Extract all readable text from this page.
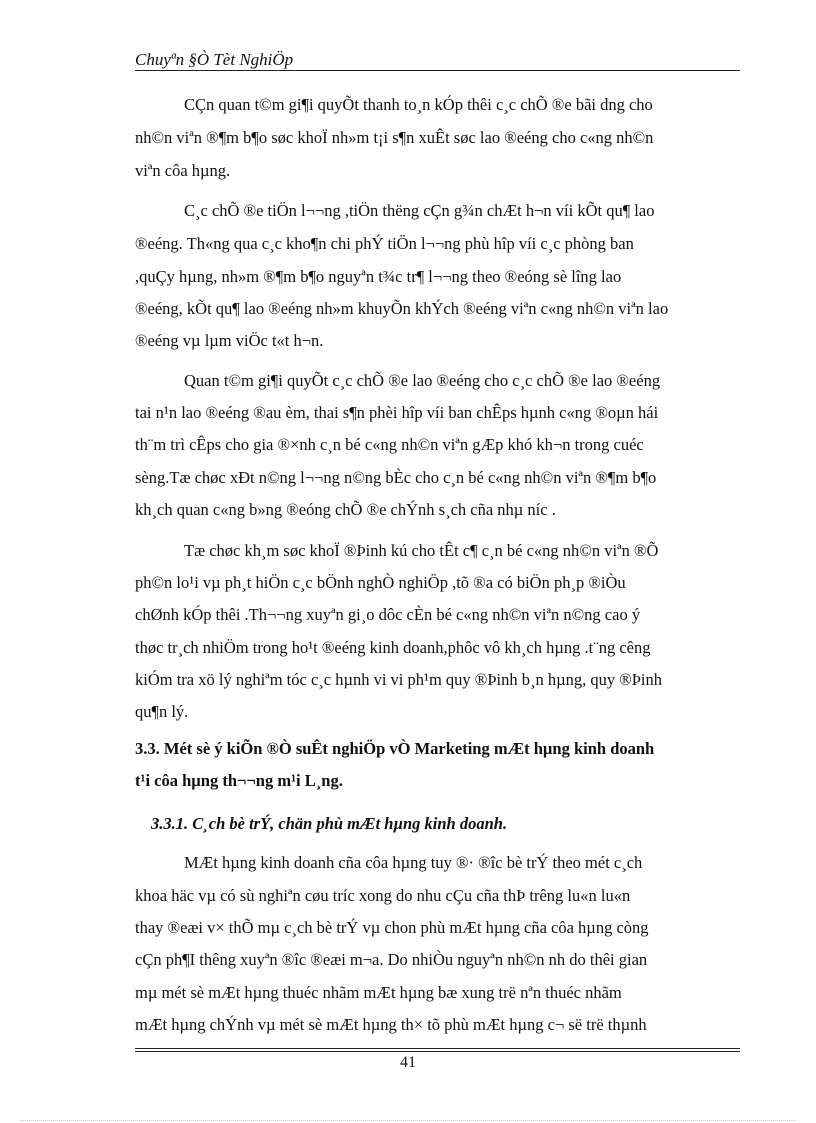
Chuyªn §Ò Tèt NghiÖp
CÇn quan t©m gi¶i quyÕt thanh to¸n kÓp thêi c¸c chÕ ®e bãi dng cho
nh©n viªn ®¶m b¶o søc khoÏ nh»m t¡i s¶n xuÊt søc lao ®eéng cho c«ng nh©n
viªn côa hµng.
C¸c chÕ ®e tiÖn l¬¬ng ,tiÖn thëng cÇn g¾n chÆt h¬n víi kÕt qu¶ lao
®eéng. Th«ng qua c¸c kho¶n chi phÝ tiÖn l¬¬ng phù hîp víi c¸c phòng ban
,quÇy hµng, nh»m ®¶m b¶o nguyªn t¾c tr¶ l¬¬ng theo ®eóng sè lîng lao
®eéng, kÕt qu¶ lao ®eéng nh»m khuyÕn khÝch ®eéng viªn c«ng nh©n viªn lao
®eéng vµ lµm viÖc t«t h¬n.
Quan t©m gi¶i quyÕt c¸c chÕ ®e lao ®eéng cho c¸c chÕ ®e lao ®eéng
tai n¹n lao ®eéng ®au èm, thai s¶n phèi hîp víi ban chÊps hµnh c«ng ®oµn hái
th¨m trì cÊps cho gia ®×nh c¸n bé c«ng nh©n viªn gÆp khó kh¬n trong cuéc
sèng.Tæ chøc xÐt n©ng l¬¬ng n©ng bÈc cho c¸n bé c«ng nh©n viªn ®¶m b¶o
kh¸ch quan c«ng b»ng ®eóng chÕ ®e chÝnh s¸ch cña nhµ níc .
Tæ chøc kh¸m søc khoÏ ®Þinh kú cho tÊt c¶ c¸n bé c«ng nh©n viªn ®Õ
ph©n lo¹i vµ ph¸t hiÖn c¸c bÖnh nghÒ nghiÖp ,tõ ®a có biÖn ph¸p ®iÒu
chØnh kÓp thêi .Th¬¬ng xuyªn gi¸o dôc cÈn bé c«ng nh©n viªn n©ng cao ý
thøc tr¸ch nhiÖm trong ho¹t ®eéng kinh doanh,phôc vô kh¸ch hµng .t¨ng cêng
kiÓm tra xö lý nghiªm tóc c¸c hµnh vi vi ph¹m quy ®Þinh b¸n hµng, quy ®Þinh
qu¶n lý.
3.3. Mét sè ý kiÕn ®Ò suÊt nghiÖp vÒ Marketing mÆt hµng kinh doanh
t¹i côa hµng th¬¬ng m¹i L¸ng.
3.3.1. C¸ch bè trÝ, chän phù mÆt hµng kinh doanh.
MÆt hµng kinh doanh cña côa hµng tuy ®· ®îc bè trÝ theo mét c¸ch
khoa häc vµ có sù nghiªn cøu tríc xong do nhu cÇu cña thÞ trêng lu«n lu«n
thay ®eæi v× thÕ mµ c¸ch bè trÝ vµ chon phù mÆt hµng cña côa hµng còng
cÇn ph¶I thêng xuyªn ®îc ®eæi m¬a. Do nhiÒu nguyªn nh©n nh do thêi gian
mµ mét sè mÆt hµng thuéc nhãm mÆt hµng bæ xung trë nªn thuéc nhãm
mÆt hµng chÝnh vµ mét sè mÆt hµng th× tõ phù mÆt hµng c¬ së trë thµnh
41
